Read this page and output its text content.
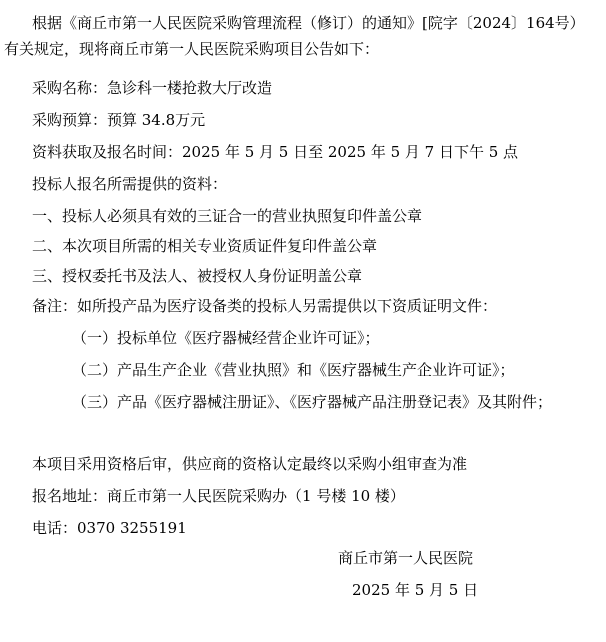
根据《商丘市第一人民医院采购管理流程（修订）的通知》[院字〔2024〕164号）有关规定，现将商丘市第一人民医院采购项目公告如下：
采购名称：急诊科一楼抢救大厅改造
采购预算：预算 34.8万元
资料获取及报名时间：2025 年 5 月 5 日至 2025 年 5 月 7 日下午 5 点
投标人报名所需提供的资料：
一、投标人必须具有效的三证合一的营业执照复印件盖公章
二、本次项目所需的相关专业资质证件复印件盖公章
三、授权委托书及法人、被授权人身份证明盖公章
备注：如所投产品为医疗设备类的投标人另需提供以下资质证明文件：
（一）投标单位《医疗器械经营企业许可证》；
（二）产品生产企业《营业执照》和《医疗器械生产企业许可证》；
（三）产品《医疗器械注册证》、《医疗器械产品注册登记表》及其附件；
本项目采用资格后审，供应商的资格认定最终以采购小组审查为准
报名地址：商丘市第一人民医院采购办（1 号楼 10 楼）
电话：0370 3255191
商丘市第一人民医院
2025 年 5 月 5 日
